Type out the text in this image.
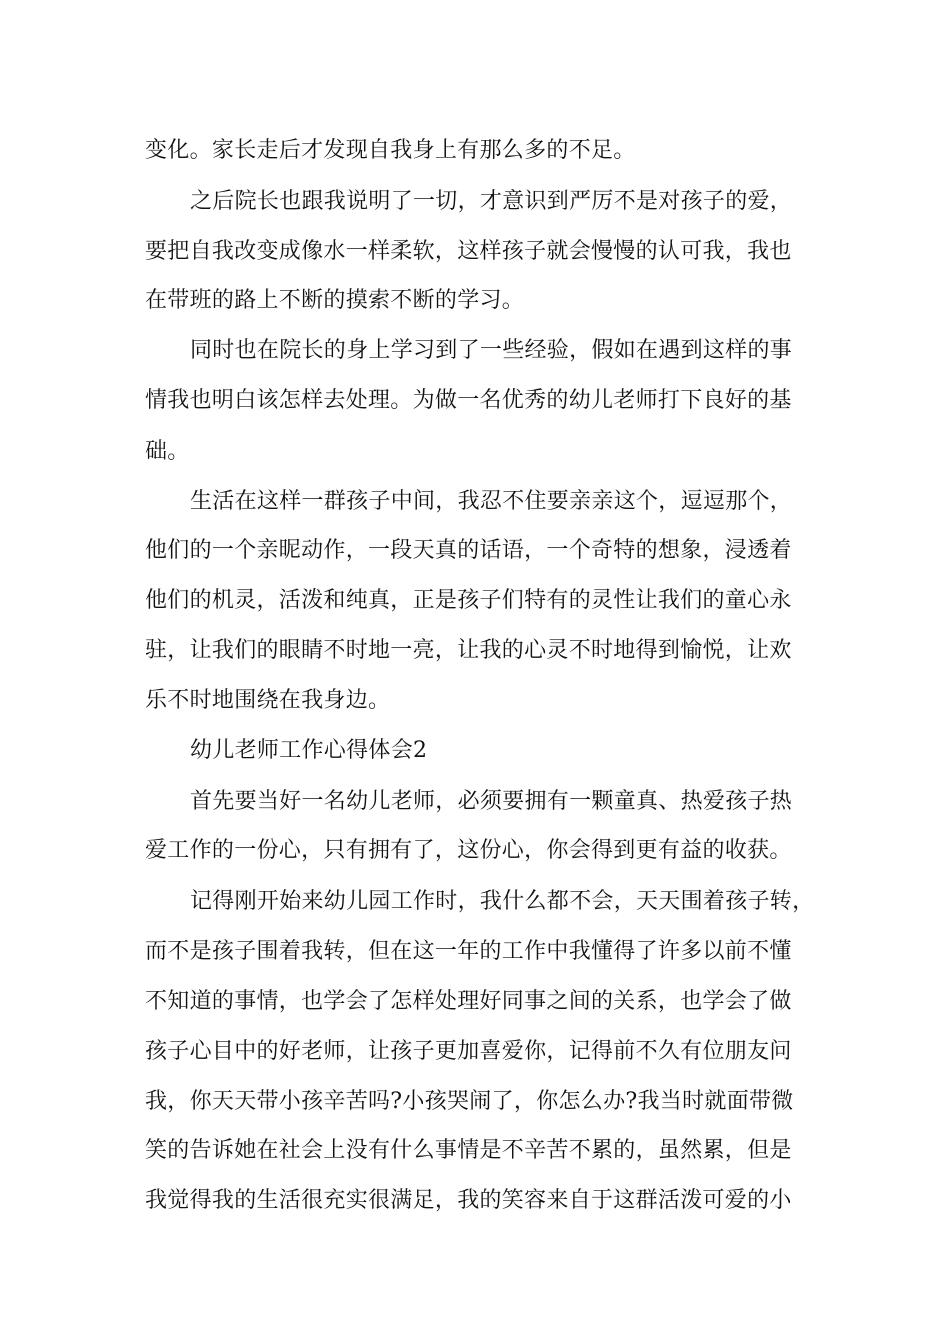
变化。家长走后才发现自我身上有那么多的不足。
之后院长也跟我说明了一切，才意识到严厉不是对孩子的爱，
要把自我改变成像水一样柔软，这样孩子就会慢慢的认可我，我也
在带班的路上不断的摸索不断的学习。
同时也在院长的身上学习到了一些经验，假如在遇到这样的事
情我也明白该怎样去处理。为做一名优秀的幼儿老师打下良好的基
础。
生活在这样一群孩子中间，我忍不住要亲亲这个，逗逗那个，
他们的一个亲昵动作，一段天真的话语，一个奇特的想象，浸透着
他们的机灵，活泼和纯真，正是孩子们特有的灵性让我们的童心永
驻，让我们的眼睛不时地一亮，让我的心灵不时地得到愉悦，让欢
乐不时地围绕在我身边。
幼儿老师工作心得体会2
首先要当好一名幼儿老师，必须要拥有一颗童真、热爱孩子热
爱工作的一份心，只有拥有了，这份心，你会得到更有益的收获。
记得刚开始来幼儿园工作时，我什么都不会，天天围着孩子转，
而不是孩子围着我转，但在这一年的工作中我懂得了许多以前不懂
不知道的事情，也学会了怎样处理好同事之间的关系，也学会了做
孩子心目中的好老师，让孩子更加喜爱你，记得前不久有位朋友问
我，你天天带小孩辛苦吗?小孩哭闹了，你怎么办?我当时就面带微
笑的告诉她在社会上没有什么事情是不辛苦不累的，虽然累，但是
我觉得我的生活很充实很满足，我的笑容来自于这群活泼可爱的小
